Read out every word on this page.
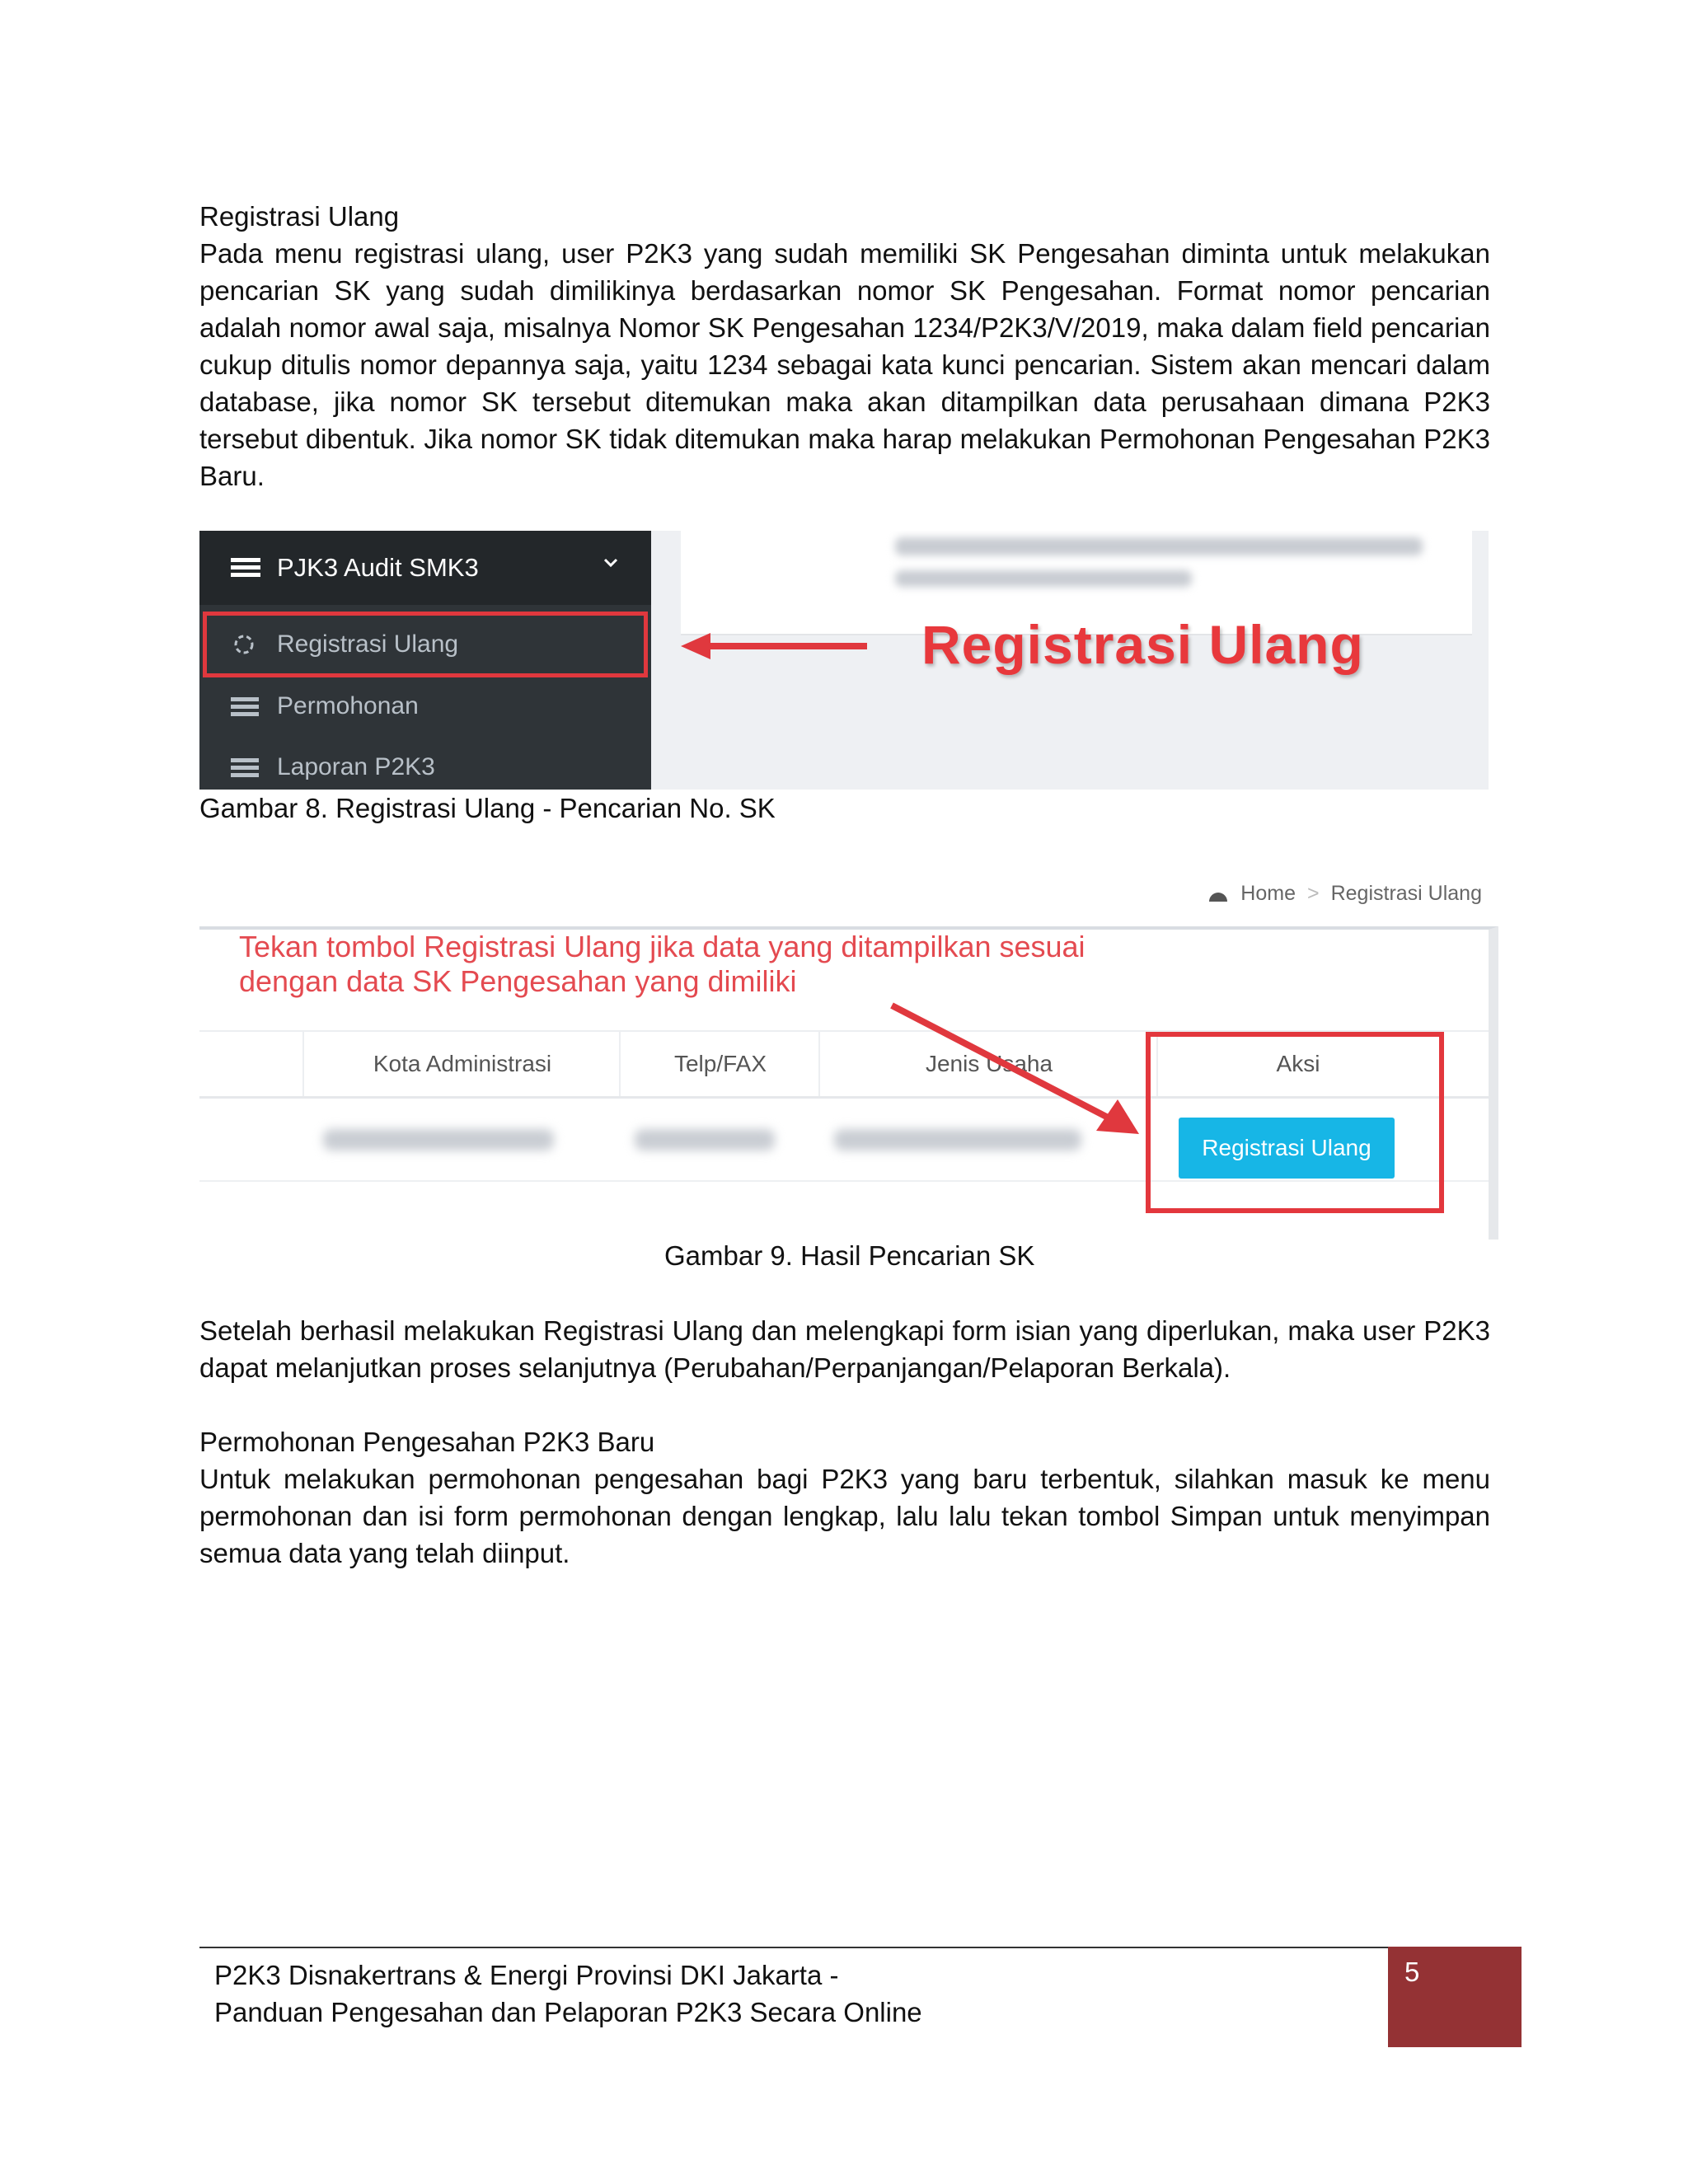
Registrasi Ulang
Pada menu registrasi ulang, user P2K3 yang sudah memiliki SK Pengesahan diminta untuk melakukan pencarian SK yang sudah dimilikinya berdasarkan nomor SK Pengesahan. Format nomor pencarian adalah nomor awal saja, misalnya Nomor SK Pengesahan 1234/P2K3/V/2019, maka dalam field pencarian cukup ditulis nomor depannya saja, yaitu 1234 sebagai kata kunci pencarian. Sistem akan mencari dalam database, jika nomor SK tersebut ditemukan maka akan ditampilkan data perusahaan dimana P2K3 tersebut dibentuk. Jika nomor SK tidak ditemukan maka harap melakukan Permohonan Pengesahan P2K3 Baru.
PJK3 Audit SMK3
Registrasi Ulang
Permohonan
Laporan P2K3
Registrasi Ulang
Gambar 8. Registrasi Ulang - Pencarian No. SK
Home > Registrasi Ulang
Tekan tombol Registrasi Ulang jika data yang ditampilkan sesuai dengan data SK Pengesahan yang dimiliki
Kota Administrasi	Telp/FAX	Jenis Usaha	Aksi
Registrasi Ulang
Gambar 9. Hasil Pencarian SK
Setelah berhasil melakukan Registrasi Ulang dan melengkapi form isian yang diperlukan, maka user P2K3 dapat melanjutkan proses selanjutnya (Perubahan/Perpanjangan/Pelaporan Berkala).
Permohonan Pengesahan P2K3 Baru
Untuk melakukan permohonan pengesahan bagi P2K3 yang baru terbentuk, silahkan masuk ke menu permohonan dan isi form permohonan dengan lengkap, lalu lalu tekan tombol Simpan untuk menyimpan semua data yang telah diinput.
P2K3 Disnakertrans & Energi Provinsi DKI Jakarta -
Panduan Pengesahan dan Pelaporan P2K3 Secara Online
5
